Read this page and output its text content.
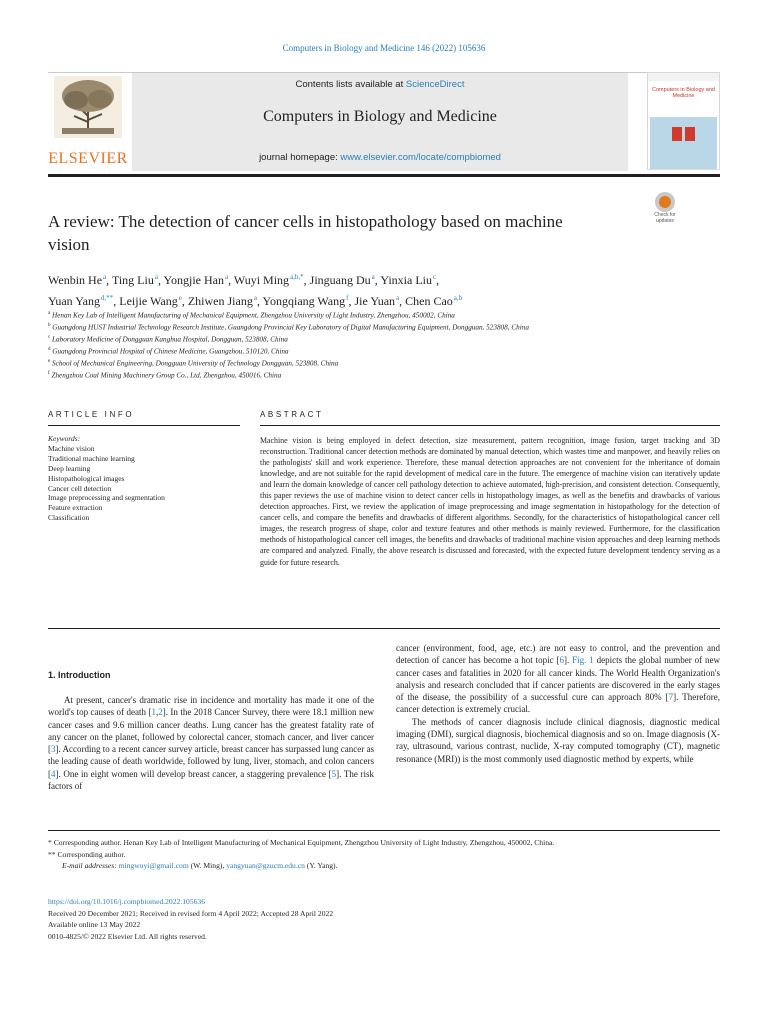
Computers in Biology and Medicine 146 (2022) 105636
ELSEVIER
Contents lists available at ScienceDirect
Computers in Biology and Medicine
journal homepage: www.elsevier.com/locate/compbiomed
Computers in Biology and Medicine
A review: The detection of cancer cells in histopathology based on machine vision
Check for updates
Wenbin He$^a$, Ting Liu$^a$, Yongjie Han$^a$, Wuyi Ming$^{a,b,*}$, Jinguang Du$^a$, Yinxia Liu$^c$,
Yuan Yang$^{d,**}$, Leijie Wang$^e$, Zhiwen Jiang$^a$, Yongqiang Wang$^f$, Jie Yuan$^a$, Chen Cao$^{a,b}$
$^a$ Henan Key Lab of Intelligent Manufacturing of Mechanical Equipment, Zhengzhou University of Light Industry, Zhengzhou, 450002, China
$^b$ Guangdong HUST Industrial Technology Research Institute, Guangdong Provincial Key Laboratory of Digital Manufacturing Equipment, Dongguan, 523808, China
$^c$ Laboratory Medicine of Dongguan Kanghua Hospital, Dongguan, 523808, China
$^d$ Guangdong Provincial Hospital of Chinese Medicine, Guangzhou, 510120, China
$^e$ School of Mechanical Engineering, Dongguan University of Technology Dongguan, 523808, China
$^f$ Zhengzhou Coal Mining Machinery Group Co., Ltd, Zhengzhou, 450016, China
ARTICLE INFO	ABSTRACT
Keywords:
Machine vision
Traditional machine learning
Deep learning
Histopathological images
Cancer cell detection
Image preprocessing and segmentation
Feature extraction
Classification
Machine vision is being employed in defect detection, size measurement, pattern recognition, image fusion, target tracking and 3D reconstruction. Traditional cancer detection methods are dominated by manual detection, which wastes time and manpower, and heavily relies on the pathologists' skill and work experience. Therefore, these manual detection approaches are not convenient for the inheritance of domain knowledge, and are not suitable for the rapid development of medical care in the future. The emergence of machine vision can iteratively update and learn the domain knowledge of cancer cell pathology detection to achieve automated, high-precision, and consistent detection. Consequently, this paper reviews the use of machine vision to detect cancer cells in histopathology images, as well as the benefits and drawbacks of various detection approaches. First, we review the application of image preprocessing and image segmentation in histopathology for the detection of cancer cells, and compare the benefits and drawbacks of different algorithms. Secondly, for the characteristics of histopathological cancer cell images, the research progress of shape, color and texture features and other methods is mainly reviewed. Furthermore, for the classification methods of histopathological cancer cell images, the benefits and drawbacks of traditional machine vision approaches and deep learning methods are compared and analyzed. Finally, the above research is discussed and forecasted, with the expected future development tendency serving as a guide for future research.
1. Introduction

At present, cancer's dramatic rise in incidence and mortality has made it one of the world's top causes of death [1,2]. In the 2018 Cancer Survey, there were 18.1 million new cancer cases and 9.6 million cancer deaths. Lung cancer has the greatest fatality rate of any cancer on the planet, followed by colorectal cancer, stomach cancer, and liver cancer [3]. According to a recent cancer survey article, breast cancer has surpassed lung cancer as the leading cause of death worldwide, followed by lung, liver, stomach, and colon cancers [4]. One in eight women will develop breast cancer, a staggering prevalence [5]. The risk factors of

cancer (environment, food, age, etc.) are not easy to control, and the prevention and detection of cancer has become a hot topic [6]. Fig. 1 depicts the global number of new cancer cases and fatalities in 2020 for all cancer kinds. The World Health Organization's analysis and research concluded that if cancer patients are discovered in the early stages of the disease, the possibility of a successful cure can approach 80% [7]. Therefore, cancer detection is extremely crucial.

The methods of cancer diagnosis include clinical diagnosis, diagnostic medical imaging (DMI), surgical diagnosis, biochemical diagnosis and so on. Image diagnosis (X-ray, ultrasound, various contrast, nuclide, X-ray computed tomography (CT), magnetic resonance (MRI)) is the most commonly used diagnostic method by experts, while

* Corresponding author. Henan Key Lab of Intelligent Manufacturing of Mechanical Equipment, Zhengzhou University of Light Industry, Zhengzhou, 450002, China.

** Corresponding author.

E-mail addresses: mingwuyi@gmail.com (W. Ming), yangyuan@gzucm.edu.cn (Y. Yang).

https://doi.org/10.1016/j.compbiomed.2022.105636

Received 20 December 2021; Received in revised form 4 April 2022; Accepted 28 April 2022

Available online 13 May 2022

0010-4825/© 2022 Elsevier Ltd. All rights reserved.
